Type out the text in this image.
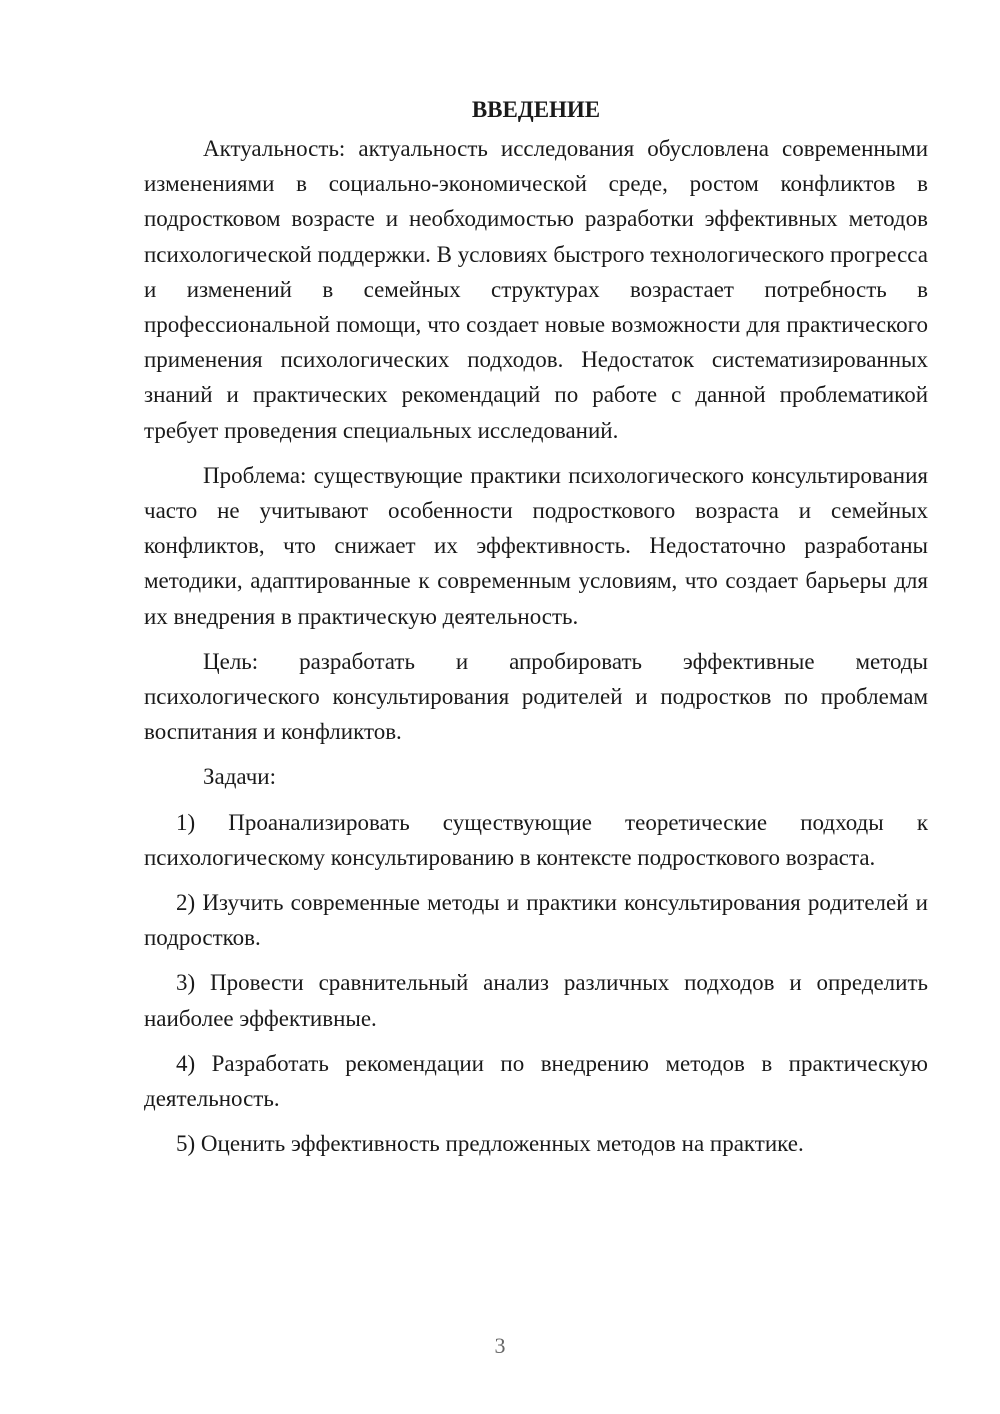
ВВЕДЕНИЕ

Актуальность: актуальность исследования обусловлена современными изменениями в социально-экономической среде, ростом конфликтов в подростковом возрасте и необходимостью разработки эффективных методов психологической поддержки. В условиях быстрого технологического прогресса и изменений в семейных структурах возрастает потребность в профессиональной помощи, что создает новые возможности для практического применения психологических подходов. Недостаток систематизированных знаний и практических рекомендаций по работе с данной проблематикой требует проведения специальных исследований.

Проблема: существующие практики психологического консультирования часто не учитывают особенности подросткового возраста и семейных конфликтов, что снижает их эффективность. Недостаточно разработаны методики, адаптированные к современным условиям, что создает барьеры для их внедрения в практическую деятельность.

Цель: разработать и апробировать эффективные методы психологического консультирования родителей и подростков по проблемам воспитания и конфликтов.

Задачи:

1) Проанализировать существующие теоретические подходы к психологическому консультированию в контексте подросткового возраста.

2) Изучить современные методы и практики консультирования родителей и подростков.

3) Провести сравнительный анализ различных подходов и определить наиболее эффективные.

4) Разработать рекомендации по внедрению методов в практическую деятельность.

5) Оценить эффективность предложенных методов на практике.

3
